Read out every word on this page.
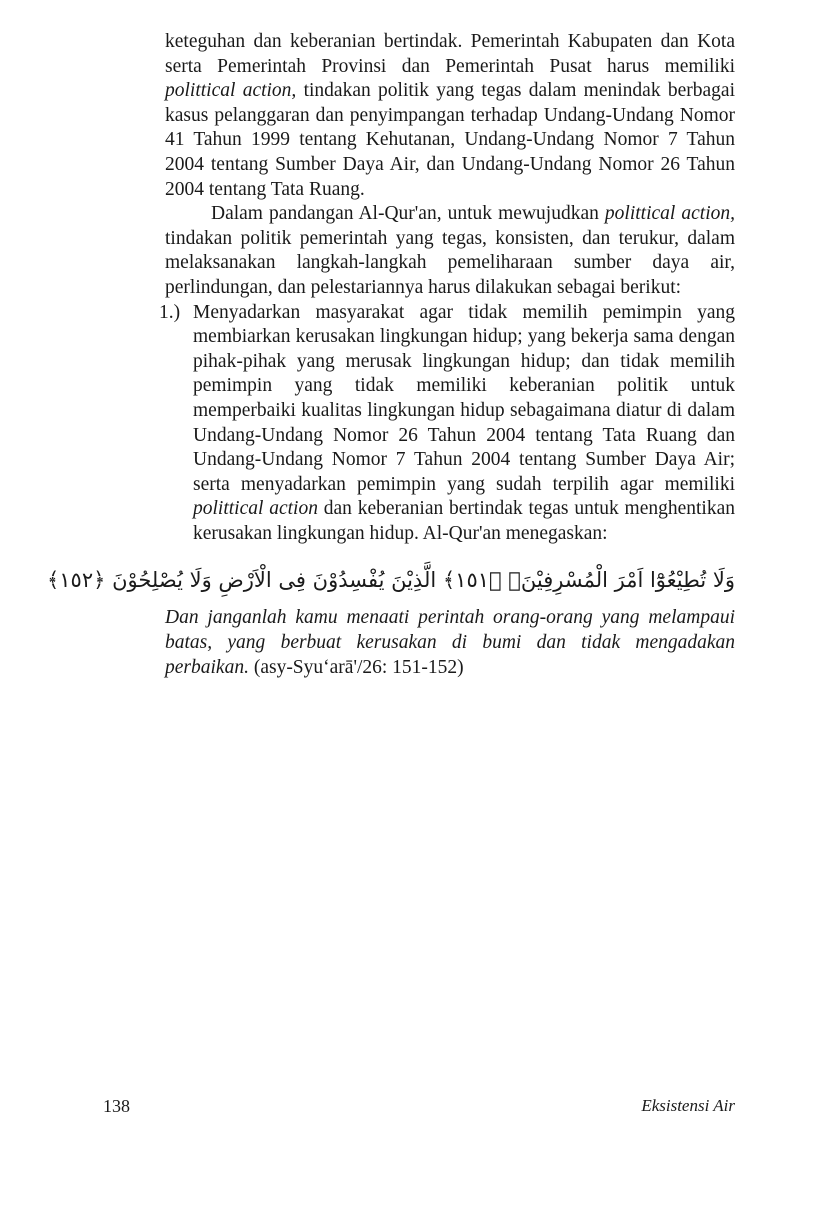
keteguhan dan keberanian bertindak. Pemerintah Kabupaten dan Kota serta Pemerintah Provinsi dan Pemerintah Pusat harus memiliki polittical action, tindakan politik yang tegas dalam menindak berbagai kasus pelanggaran dan penyimpangan terhadap Undang-Undang Nomor 41 Tahun 1999 tentang Kehutanan, Undang-Undang Nomor 7 Tahun 2004 tentang Sumber Daya Air, dan Undang-Undang Nomor 26 Tahun 2004 tentang Tata Ruang.

Dalam pandangan Al-Qur'an, untuk mewujudkan polittical action, tindakan politik pemerintah yang tegas, konsisten, dan terukur, dalam melaksanakan langkah-langkah pemeliharaan sumber daya air, perlindungan, dan pelestariannya harus dilakukan sebagai berikut:

1.) Menyadarkan masyarakat agar tidak memilih pemimpin yang membiarkan kerusakan lingkungan hidup; yang bekerja sama dengan pihak-pihak yang merusak lingkungan hidup; dan tidak memilih pemimpin yang tidak memiliki keberanian politik untuk memperbaiki kualitas lingkungan hidup sebagaimana diatur di dalam Undang-Undang Nomor 26 Tahun 2004 tentang Tata Ruang dan Undang-Undang Nomor 7 Tahun 2004 tentang Sumber Daya Air; serta menyadarkan pemimpin yang sudah terpilih agar memiliki polittical action dan keberanian bertindak tegas untuk menghentikan kerusakan lingkungan hidup. Al-Qur'an menegaskan:
وَلَا تُطِيْعُوْٓا اَمْرَ الْمُسْرِفِيْنَۙ ﴿١٥١﴾ الَّذِيْنَ يُفْسِدُوْنَ فِى الْاَرْضِ وَلَا يُصْلِحُوْنَ ﴿١٥٢﴾

Dan janganlah kamu menaati perintah orang-orang yang melampaui batas, yang berbuat kerusakan di bumi dan tidak mengadakan perbaikan. (asy-Syu‘arā'/26: 151-152)

138	Eksistensi Air
